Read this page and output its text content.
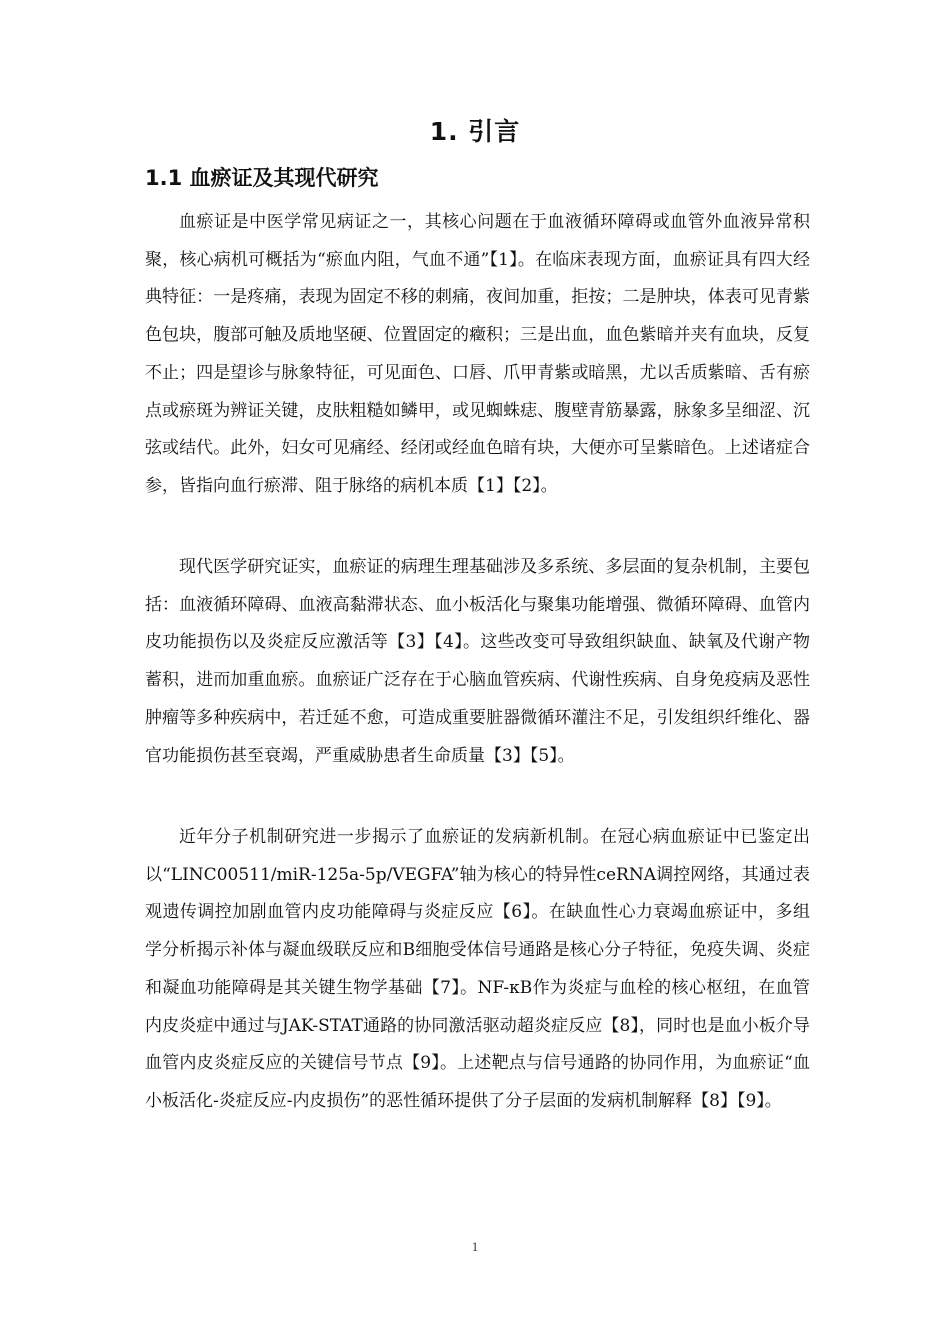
1. 引言
1.1 血瘀证及其现代研究

血瘀证是中医学常见病证之一，其核心问题在于血液循环障碍或血管外血液异常积聚，核心病机可概括为“瘀血内阻，气血不通”【1】。在临床表现方面，血瘀证具有四大经典特征：一是疼痛，表现为固定不移的刺痛，夜间加重，拒按；二是肿块，体表可见青紫色包块，腹部可触及质地坚硬、位置固定的癥积；三是出血，血色紫暗并夹有血块，反复不止；四是望诊与脉象特征，可见面色、口唇、爪甲青紫或暗黑，尤以舌质紫暗、舌有瘀点或瘀斑为辨证关键，皮肤粗糙如鳞甲，或见蜘蛛痣、腹壁青筋暴露，脉象多呈细涩、沉弦或结代。此外，妇女可见痛经、经闭或经血色暗有块，大便亦可呈紫暗色。上述诸症合参，皆指向血行瘀滞、阻于脉络的病机本质【1】【2】。

现代医学研究证实，血瘀证的病理生理基础涉及多系统、多层面的复杂机制，主要包括：血液循环障碍、血液高黏滞状态、血小板活化与聚集功能增强、微循环障碍、血管内皮功能损伤以及炎症反应激活等【3】【4】。这些改变可导致组织缺血、缺氧及代谢产物蓄积，进而加重血瘀。血瘀证广泛存在于心脑血管疾病、代谢性疾病、自身免疫病及恶性肿瘤等多种疾病中，若迁延不愈，可造成重要脏器微循环灌注不足，引发组织纤维化、器官功能损伤甚至衰竭，严重威胁患者生命质量【3】【5】。

近年分子机制研究进一步揭示了血瘀证的发病新机制。在冠心病血瘀证中已鉴定出以“LINC00511/miR-125a-5p/VEGFA”轴为核心的特异性ceRNA调控网络，其通过表观遗传调控加剧血管内皮功能障碍与炎症反应【6】。在缺血性心力衰竭血瘀证中，多组学分析揭示补体与凝血级联反应和B细胞受体信号通路是核心分子特征，免疫失调、炎症和凝血功能障碍是其关键生物学基础【7】。NF-κB作为炎症与血栓的核心枢纽，在血管内皮炎症中通过与JAK-STAT通路的协同激活驱动超炎症反应【8】，同时也是血小板介导血管内皮炎症反应的关键信号节点【9】。上述靶点与信号通路的协同作用，为血瘀证“血小板活化-炎症反应-内皮损伤”的恶性循环提供了分子层面的发病机制解释【8】【9】。

1
